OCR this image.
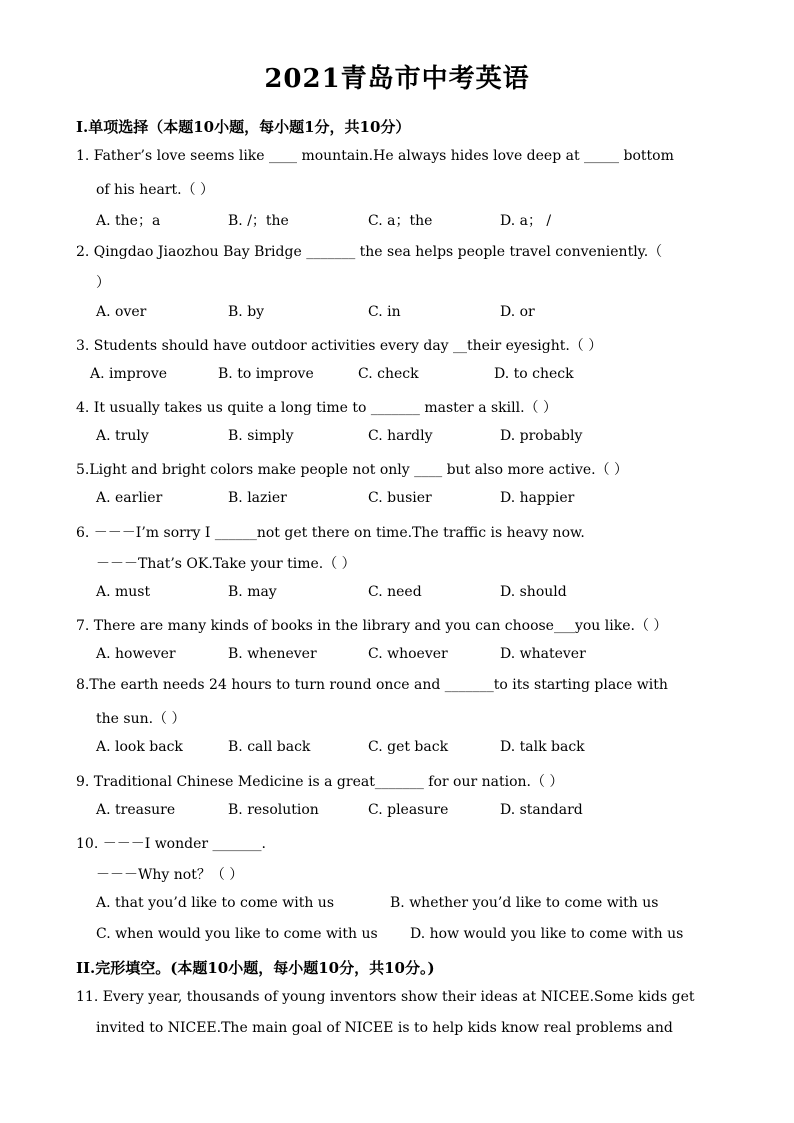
2021青岛市中考英语
I.单项选择（本题10小题，每小题1分，共10分）
1. Father’s love seems like ____ mountain.He always hides love deep at _____ bottom
of his heart.（ ）
A. the；a	B. /；the	C. a；the	D. a； /
2. Qingdao Jiaozhou Bay Bridge _______ the sea helps people travel conveniently.（
）
A. over	B. by	C. in	D. or
3. Students should have outdoor activities every day __their eyesight.（ ）
A. improve	B. to improve	C. check	D. to check
4. It usually takes us quite a long time to _______ master a skill.（ ）
A. truly	B. simply	C. hardly	D. probably
5.Light and bright colors make people not only ____ but also more active.（ ）
A. earlier	B. lazier	C. busier	D. happier
6. －－－I’m sorry I ______not get there on time.The traffic is heavy now.
－－－That’s OK.Take your time.（ ）
A. must	B. may	C. need	D. should
7. There are many kinds of books in the library and you can choose___you like.（ ）
A. however	B. whenever	C. whoever	D. whatever
8.The earth needs 24 hours to turn round once and _______to its starting place with
the sun.（ ）
A. look back	B. call back	C. get back	D. talk back
9. Traditional Chinese Medicine is a great_______ for our nation.（ ）
A. treasure	B. resolution	C. pleasure	D. standard
10. －－－I wonder _______.
－－－Why not？（ ）
A. that you’d like to come with us	B. whether you’d like to come with us
C. when would you like to come with us D. how would you like to come with us
II.完形填空。(本题10小题，每小题10分，共10分。)
11. Every year, thousands of young inventors show their ideas at NICEE.Some kids get
invited to NICEE.The main goal of NICEE is to help kids know real problems and
